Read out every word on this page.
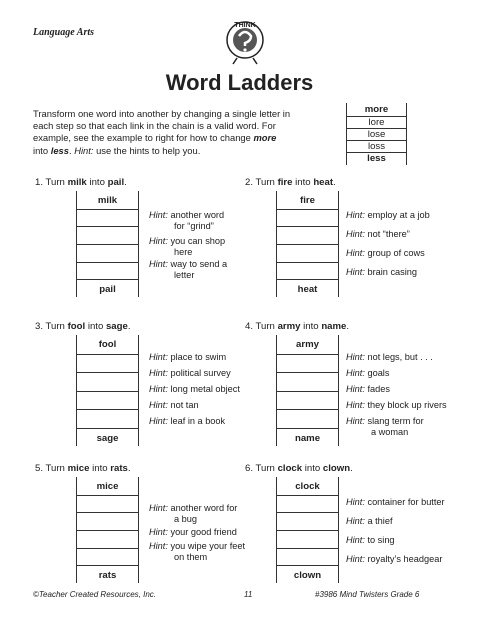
Language Arts
THINK
Word Ladders
Transform one word into another by changing a single letter in
each step so that each link in the chain is a valid word. For
example, see the example to right for how to change more
into less. Hint: use the hints to help you.
more
lore
lose
loss
less
1. Turn milk into pail.
milk
pail
Hint: another word
for “grind”
Hint: you can shop
here
Hint: way to send a
letter
2. Turn fire into heat.
fire
heat
Hint: employ at a job
Hint: not “there”
Hint: group of cows
Hint: brain casing
3. Turn fool into sage.
fool
sage
Hint: place to swim
Hint: political survey
Hint: long metal object
Hint: not tan
Hint: leaf in a book
4. Turn army into name.
army
name
Hint: not legs, but . . .
Hint: goals
Hint: fades
Hint: they block up rivers
Hint: slang term for
a woman
5. Turn mice into rats.
mice
rats
Hint: another word for
a bug
Hint: your good friend
Hint: you wipe your feet
on them
6. Turn clock into clown.
clock
clown
Hint: container for butter
Hint: a thief
Hint: to sing
Hint: royalty’s headgear
©Teacher Created Resources, Inc.	11	#3986 Mind Twisters Grade 6
